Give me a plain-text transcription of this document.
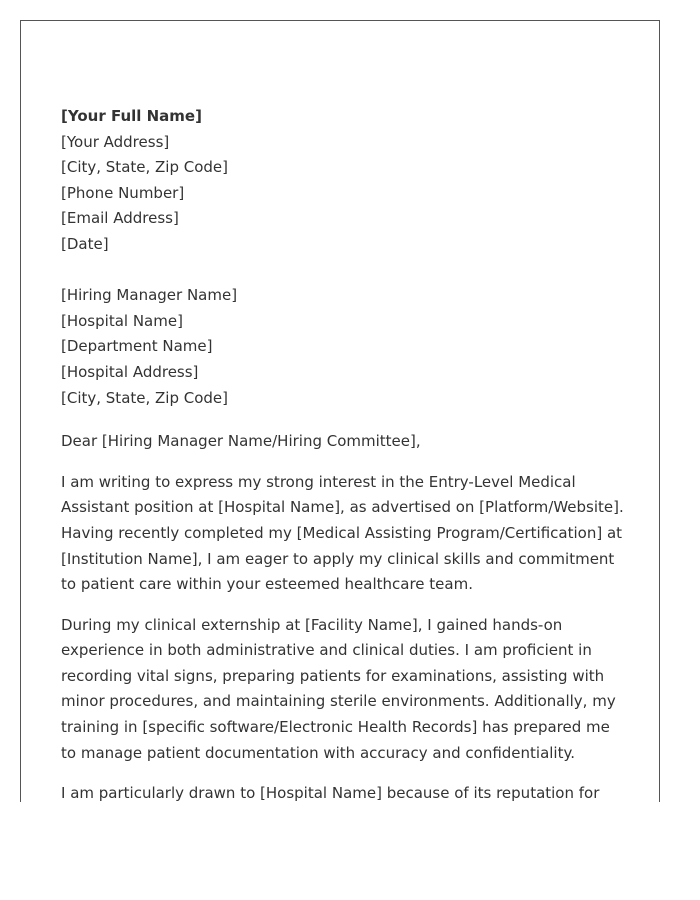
[Your Full Name]
[Your Address]
[City, State, Zip Code]
[Phone Number]
[Email Address]
[Date]
[Hiring Manager Name]
[Hospital Name]
[Department Name]
[Hospital Address]
[City, State, Zip Code]
Dear [Hiring Manager Name/Hiring Committee],

I am writing to express my strong interest in the Entry-Level Medical Assistant position at [Hospital Name], as advertised on [Platform/Website]. Having recently completed my [Medical Assisting Program/Certification] at [Institution Name], I am eager to apply my clinical skills and commitment to patient care within your esteemed healthcare team.

During my clinical externship at [Facility Name], I gained hands-on experience in both administrative and clinical duties. I am proficient in recording vital signs, preparing patients for examinations, assisting with minor procedures, and maintaining sterile environments. Additionally, my training in [specific software/Electronic Health Records] has prepared me to manage patient documentation with accuracy and confidentiality.

I am particularly drawn to [Hospital Name] because of its reputation for
